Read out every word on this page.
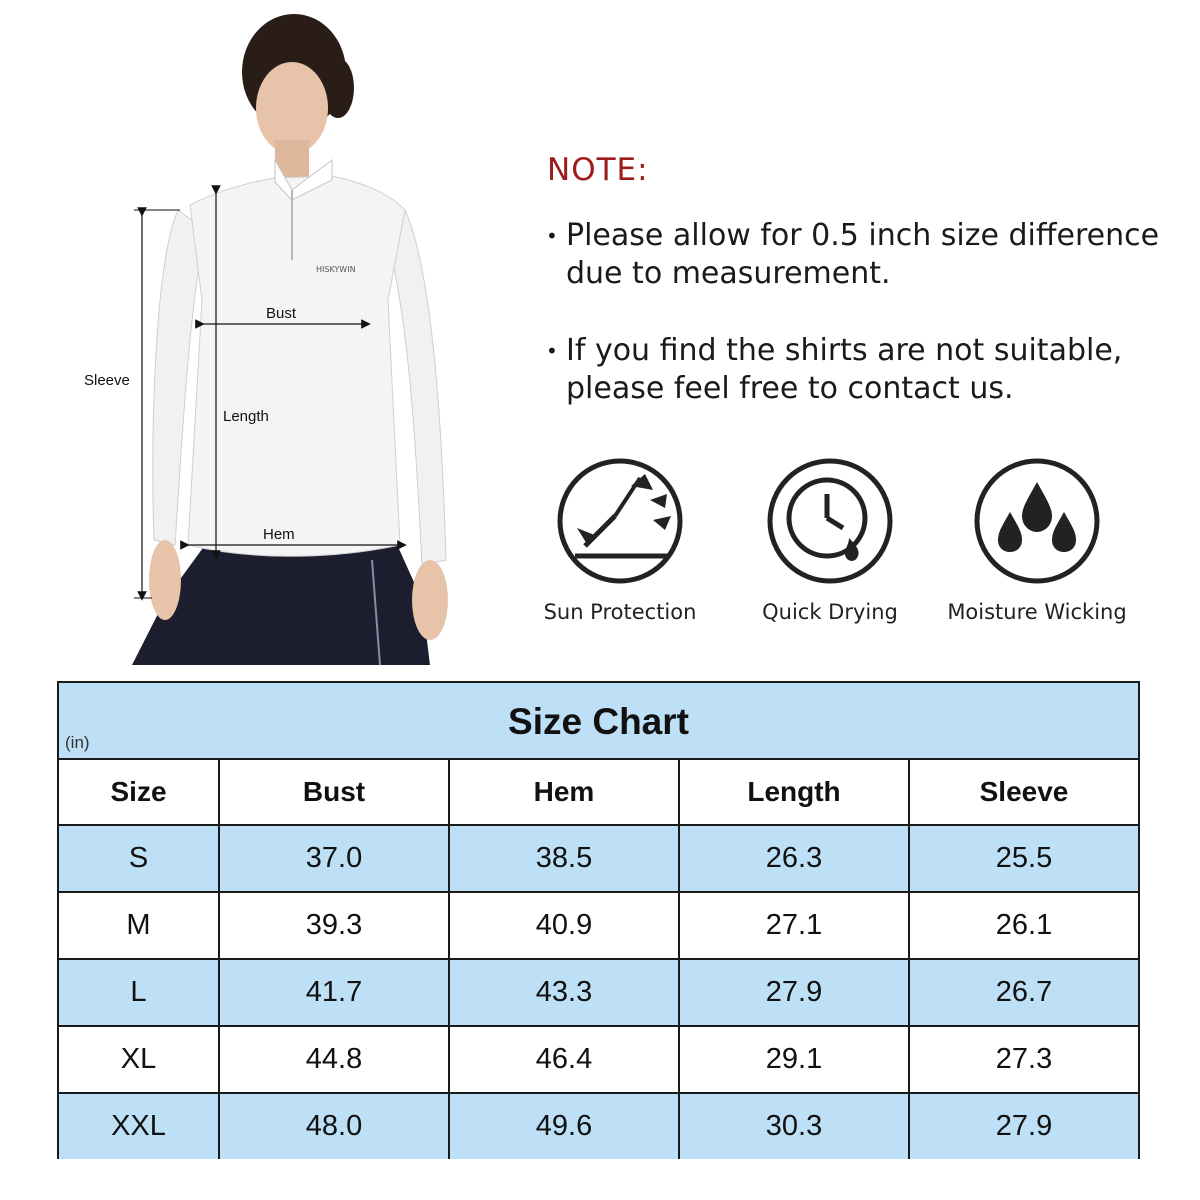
HISKYWIN
Bust
Sleeve
Length
Hem
NOTE:
• Please allow for 0.5 inch size difference due to measurement.
• If you find the shirts are not suitable, please feel free to contact us.
Sun Protection	Quick Drying	Moisture Wicking
Size Chart
(in)
Size	Bust	Hem	Length	Sleeve
S	37.0	38.5	26.3	25.5
M	39.3	40.9	27.1	26.1
L	41.7	43.3	27.9	26.7
XL	44.8	46.4	29.1	27.3
XXL	48.0	49.6	30.3	27.9
